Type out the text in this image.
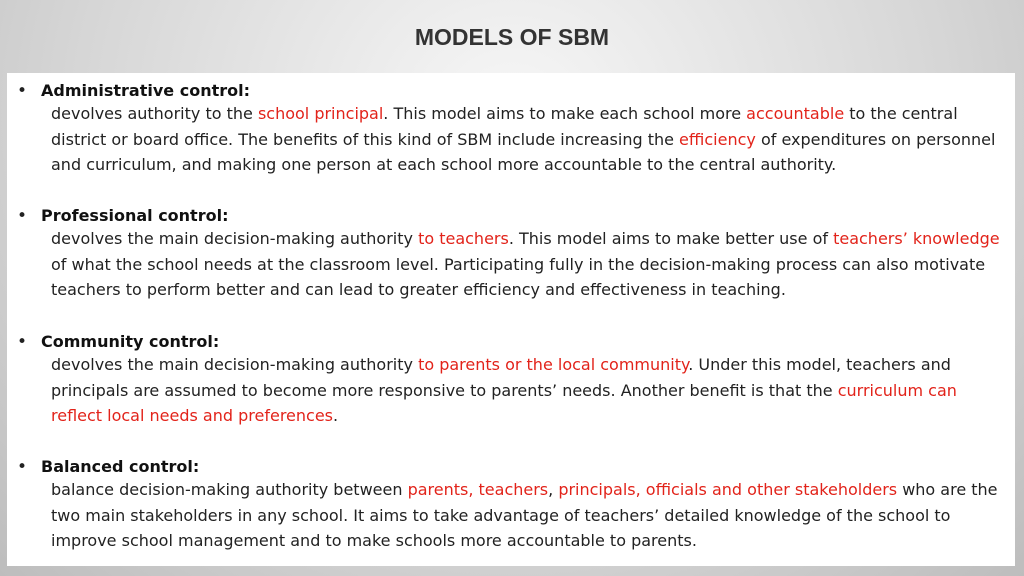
MODELS OF SBM
• Administrative control:
devolves authority to the school principal. This model aims to make each school more accountable to the central district or board office. The benefits of this kind of SBM include increasing the efficiency of expenditures on personnel and curriculum, and making one person at each school more accountable to the central authority.
• Professional control:
devolves the main decision-making authority to teachers. This model aims to make better use of teachers’ knowledge of what the school needs at the classroom level. Participating fully in the decision-making process can also motivate teachers to perform better and can lead to greater efficiency and effectiveness in teaching.
• Community control:
devolves the main decision-making authority to parents or the local community. Under this model, teachers and principals are assumed to become more responsive to parents’ needs. Another benefit is that the curriculum can reflect local needs and preferences.
• Balanced control:
balance decision-making authority between parents, teachers, principals, officials and other stakeholders who are the two main stakeholders in any school. It aims to take advantage of teachers’ detailed knowledge of the school to improve school management and to make schools more accountable to parents.
